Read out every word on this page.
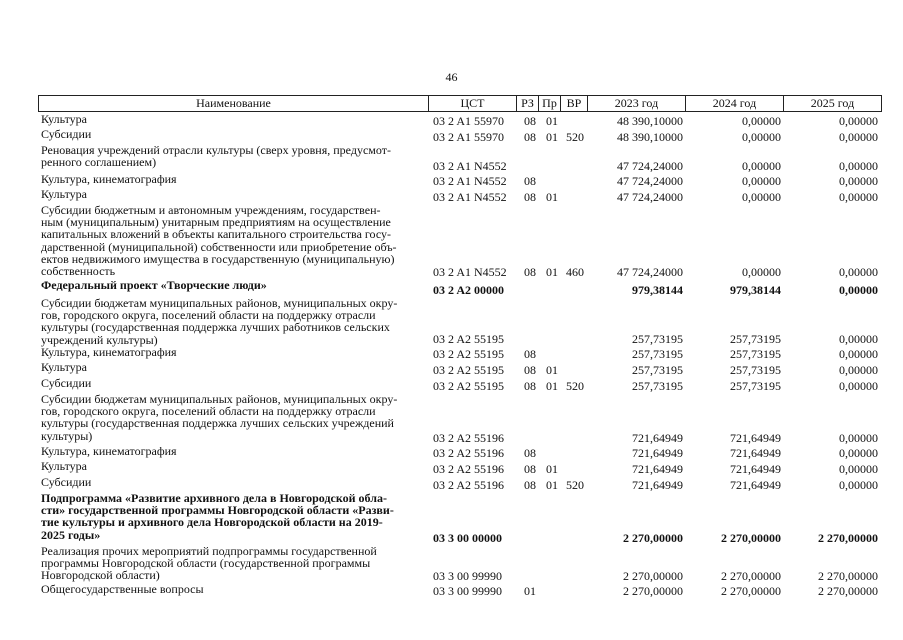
46
Наименование	ЦСТ	РЗ Пр ВР	2023 год	2024 год	2025 год
Культура	03 2 A1 55970 08 01	48 390,10000	0,00000	0,00000
Субсидии	03 2 A1 55970 08 01 520	48 390,10000	0,00000	0,00000
Реновация учреждений отрасли культуры (сверх уровня, предусмот-
ренного соглашением)	03 2 A1 N4552	47 724,24000	0,00000	0,00000
Культура, кинематография	03 2 A1 N4552 08	47 724,24000	0,00000	0,00000
Культура	03 2 A1 N4552 08 01	47 724,24000	0,00000	0,00000
Субсидии бюджетным и автономным учреждениям, государствен-
ным (муниципальным) унитарным предприятиям на осуществление
капитальных вложений в объекты капитального строительства госу-
дарственной (муниципальной) собственности или приобретение объ-
ектов недвижимого имущества в государственную (муниципальную)
собственность	03 2 A1 N4552 08 01 460	47 724,24000	0,00000	0,00000
Федеральный проект «Творческие люди»	03 2 A2 00000	979,38144	979,38144	0,00000
Субсидии бюджетам муниципальных районов, муниципальных окру-
гов, городского округа, поселений области на поддержку отрасли
культуры (государственная поддержка лучших работников сельских
учреждений культуры)	03 2 A2 55195	257,73195	257,73195	0,00000
Культура, кинематография	03 2 A2 55195 08	257,73195	257,73195	0,00000
Культура	03 2 A2 55195 08 01	257,73195	257,73195	0,00000
Субсидии	03 2 A2 55195 08 01 520	257,73195	257,73195	0,00000
Субсидии бюджетам муниципальных районов, муниципальных окру-
гов, городского округа, поселений области на поддержку отрасли
культуры (государственная поддержка лучших сельских учреждений
культуры)	03 2 A2 55196	721,64949	721,64949	0,00000
Культура, кинематография	03 2 A2 55196 08	721,64949	721,64949	0,00000
Культура	03 2 A2 55196 08 01	721,64949	721,64949	0,00000
Субсидии	03 2 A2 55196 08 01 520	721,64949	721,64949	0,00000
Подпрограмма «Развитие архивного дела в Новгородской обла-
сти» государственной программы Новгородской области «Разви-
тие культуры и архивного дела Новгородской области на 2019-
2025 годы»	03 3 00 00000	2 270,00000	2 270,00000	2 270,00000
Реализация прочих мероприятий подпрограммы государственной
программы Новгородской области (государственной программы
Новгородской области)	03 3 00 99990	2 270,00000	2 270,00000	2 270,00000
Общегосударственные вопросы	03 3 00 99990 01	2 270,00000	2 270,00000	2 270,00000
